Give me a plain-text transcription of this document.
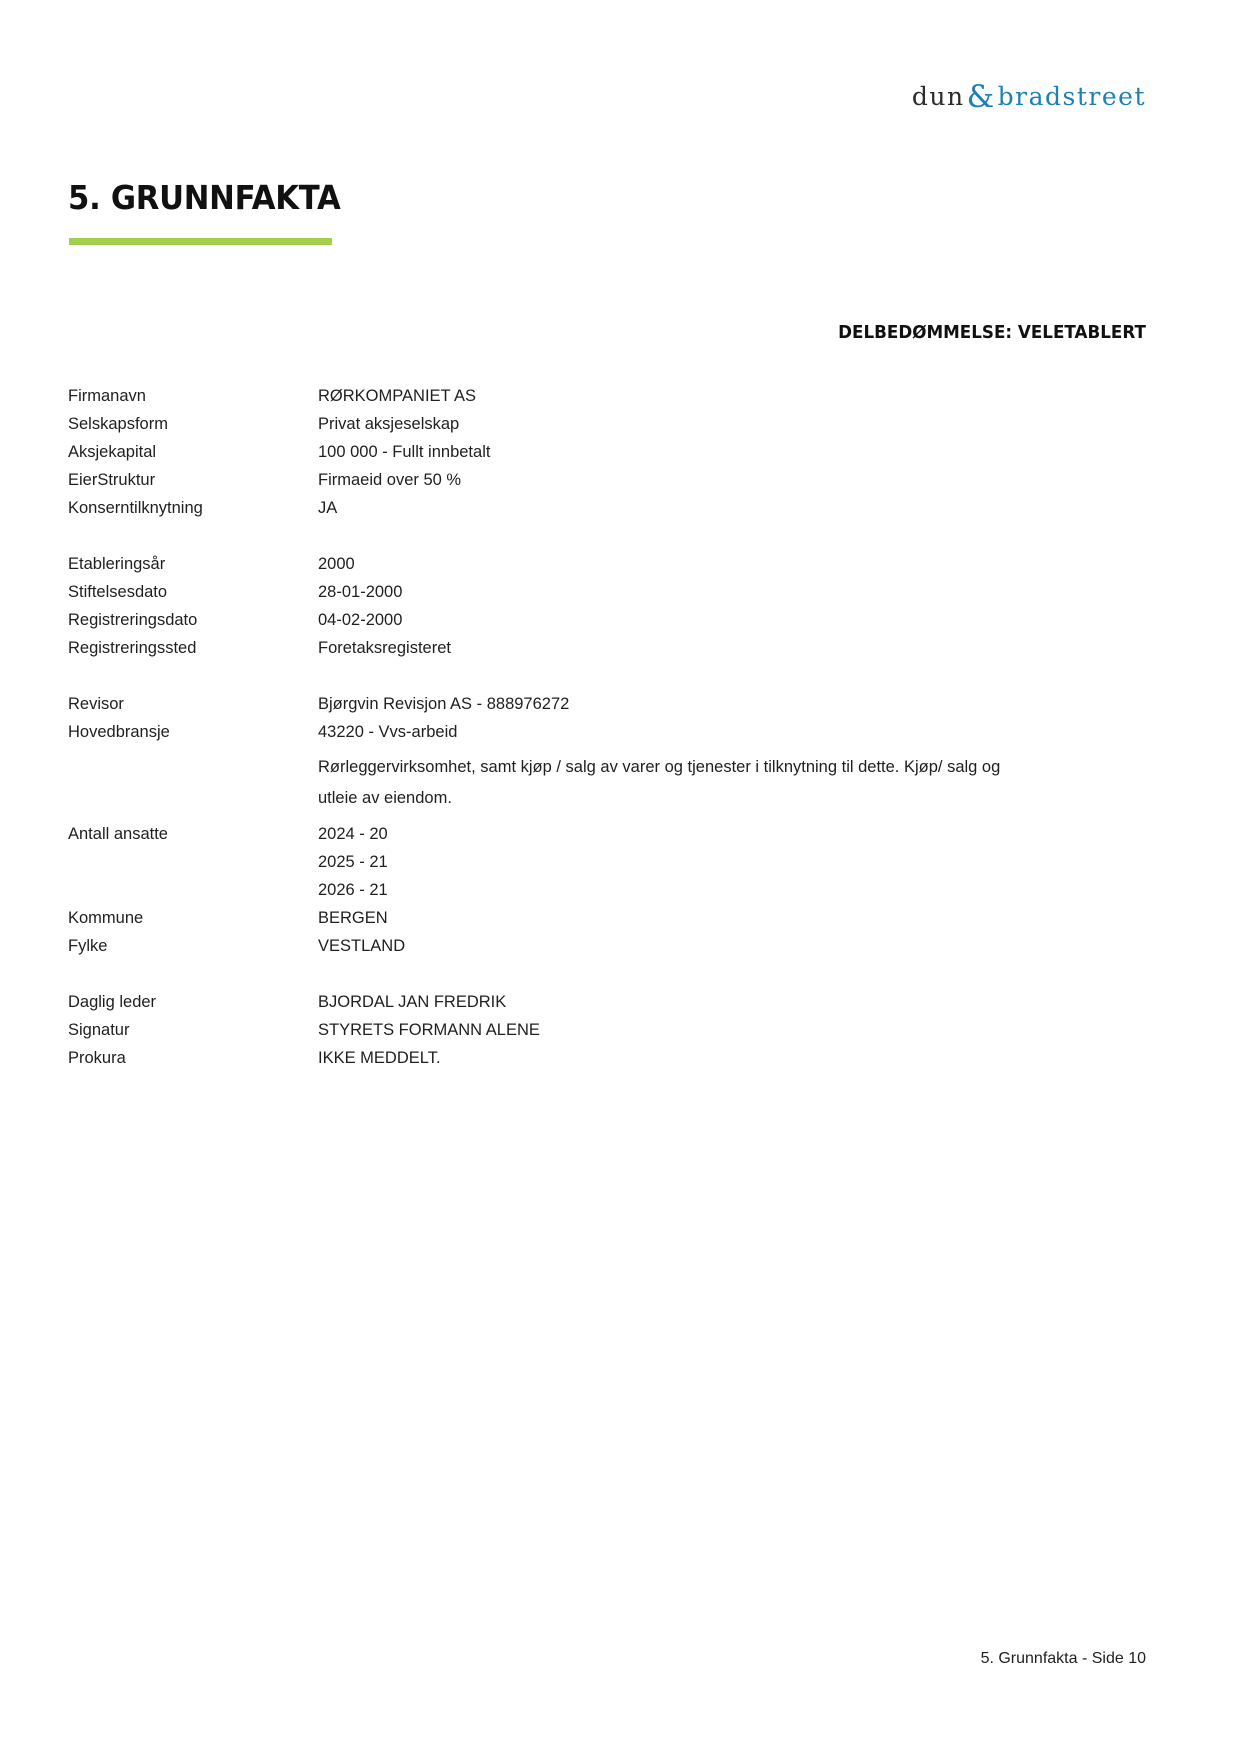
dun & bradstreet
5. GRUNNFAKTA
DELBEDØMMELSE: VELETABLERT
Firmanavn	RØRKOMPANIET AS
Selskapsform	Privat aksjeselskap
Aksjekapital	100 000 - Fullt innbetalt
EierStruktur	Firmaeid over 50 %
Konserntilknytning	JA
Etableringsår	2000
Stiftelsesdato	28-01-2000
Registreringsdato	04-02-2000
Registreringssted	Foretaksregisteret
Revisor	Bjørgvin Revisjon AS - 888976272
Hovedbransje	43220 - Vvs-arbeid
Rørleggervirksomhet, samt kjøp / salg av varer og tjenester i tilknytning til dette. Kjøp/ salg og utleie av eiendom.
Antall ansatte	2024 - 20
2025 - 21
2026 - 21
Kommune	BERGEN
Fylke	VESTLAND
Daglig leder	BJORDAL JAN FREDRIK
Signatur	STYRETS FORMANN ALENE
Prokura	IKKE MEDDELT.
5. Grunnfakta - Side 10
